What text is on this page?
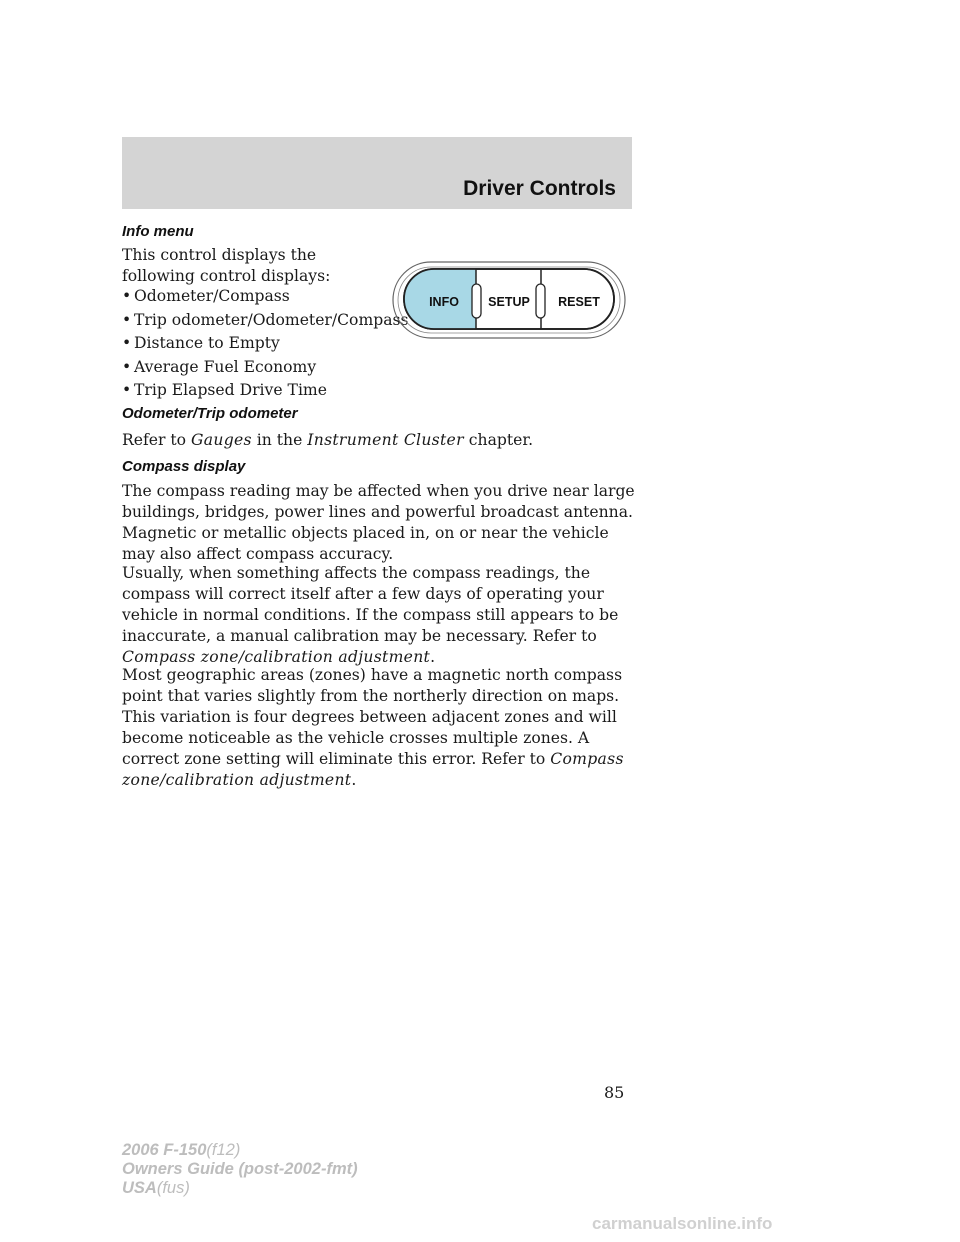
Driver Controls
Info menu
This control displays the following control displays:
• Odometer/Compass
• Trip odometer/Odometer/Compass
• Distance to Empty
• Average Fuel Economy
• Trip Elapsed Drive Time
INFO SETUP RESET
Odometer/Trip odometer
Refer to Gauges in the Instrument Cluster chapter.
Compass display
The compass reading may be affected when you drive near large buildings, bridges, power lines and powerful broadcast antenna. Magnetic or metallic objects placed in, on or near the vehicle may also affect compass accuracy.
Usually, when something affects the compass readings, the compass will correct itself after a few days of operating your vehicle in normal conditions. If the compass still appears to be inaccurate, a manual calibration may be necessary. Refer to Compass zone/calibration adjustment.
Most geographic areas (zones) have a magnetic north compass point that varies slightly from the northerly direction on maps. This variation is four degrees between adjacent zones and will become noticeable as the vehicle crosses multiple zones. A correct zone setting will eliminate this error. Refer to Compass zone/calibration adjustment.
85
2006 F-150(f12)
Owners Guide (post-2002-fmt)
USA(fus)
carmanualsonline.info
